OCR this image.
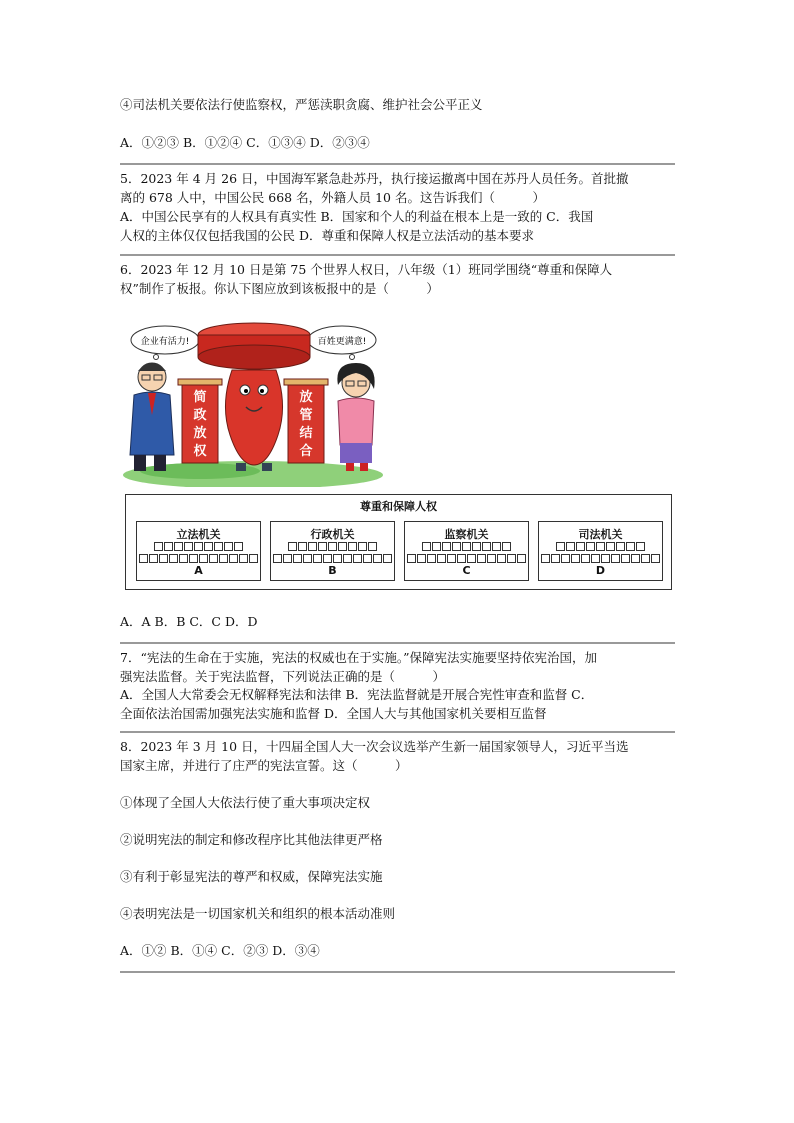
④司法机关要依法行使监察权，严惩渎职贪腐、维护社会公平正义
A．①②③ B．①②④ C．①③④ D．②③④
5．2023 年 4 月 26 日，中国海军紧急赴苏丹，执行接运撤离中国在苏丹人员任务。首批撤
离的 678 人中，中国公民 668 名，外籍人员 10 名。这告诉我们（　　　）
A．中国公民享有的人权具有真实性 B．国家和个人的利益在根本上是一致的 C．我国
人权的主体仅仅包括我国的公民 D．尊重和保障人权是立法活动的基本要求
6．2023 年 12 月 10 日是第 75 个世界人权日，八年级（1）班同学围绕“尊重和保障人
权”制作了板报。你认下图应放到该板报中的是（　　　）
企业有活力!	百姓更满意!
简
政
放
权
放
管
结
合
尊重和保障人权
立法机关
A
行政机关
B
监察机关
C
司法机关
D
A．A B．B C．C D．D
7．“宪法的生命在于实施，宪法的权威也在于实施。”保障宪法实施要坚持依宪治国，加
强宪法监督。关于宪法监督，下列说法正确的是（　　　）
A．全国人大常委会无权解释宪法和法律 B．宪法监督就是开展合宪性审查和监督 C．
全面依法治国需加强宪法实施和监督 D．全国人大与其他国家机关要相互监督
8．2023 年 3 月 10 日，十四届全国人大一次会议选举产生新一届国家领导人，习近平当选
国家主席，并进行了庄严的宪法宣誓。这（　　　）
①体现了全国人大依法行使了重大事项决定权
②说明宪法的制定和修改程序比其他法律更严格
③有利于彰显宪法的尊严和权威，保障宪法实施
④表明宪法是一切国家机关和组织的根本活动准则
A．①② B．①④ C．②③ D．③④
